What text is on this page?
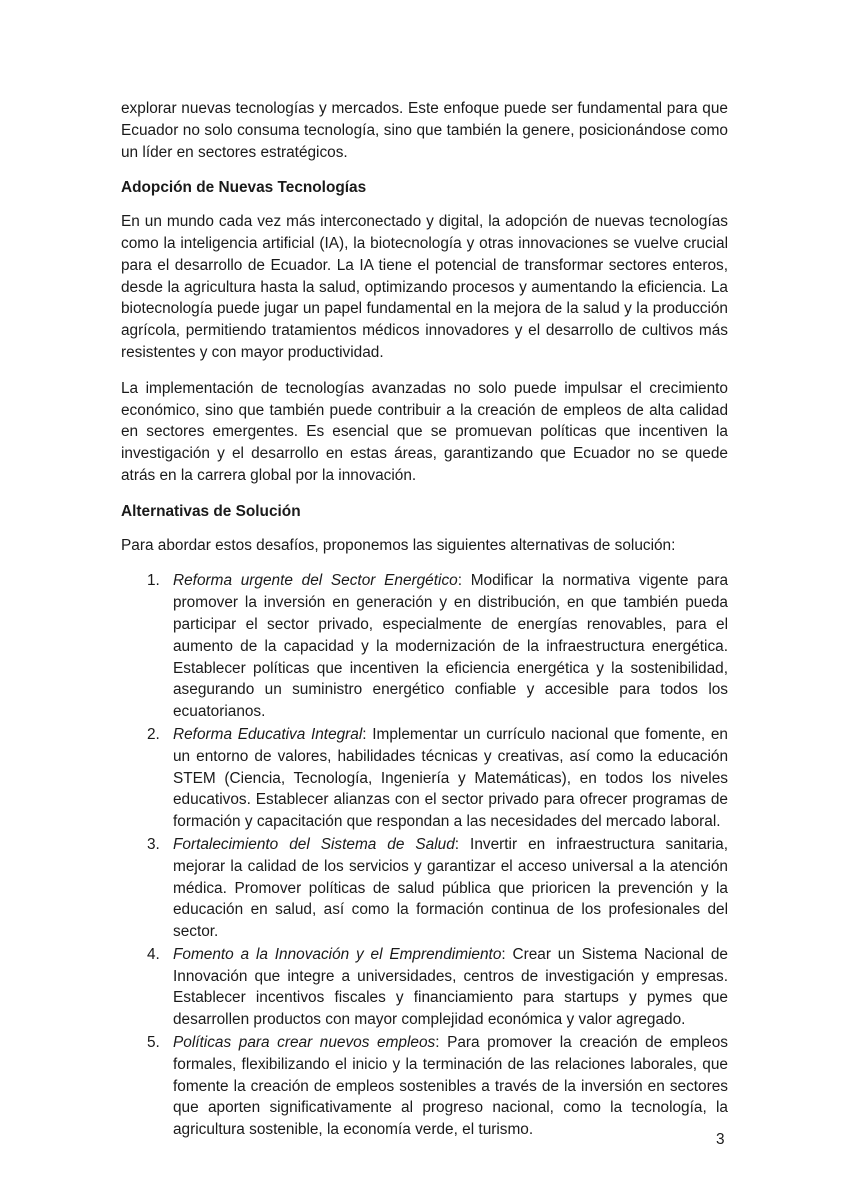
explorar nuevas tecnologías y mercados. Este enfoque puede ser fundamental para que Ecuador no solo consuma tecnología, sino que también la genere, posicionándose como un líder en sectores estratégicos.

Adopción de Nuevas Tecnologías

En un mundo cada vez más interconectado y digital, la adopción de nuevas tecnologías como la inteligencia artificial (IA), la biotecnología y otras innovaciones se vuelve crucial para el desarrollo de Ecuador. La IA tiene el potencial de transformar sectores enteros, desde la agricultura hasta la salud, optimizando procesos y aumentando la eficiencia. La biotecnología puede jugar un papel fundamental en la mejora de la salud y la producción agrícola, permitiendo tratamientos médicos innovadores y el desarrollo de cultivos más resistentes y con mayor productividad.

La implementación de tecnologías avanzadas no solo puede impulsar el crecimiento económico, sino que también puede contribuir a la creación de empleos de alta calidad en sectores emergentes. Es esencial que se promuevan políticas que incentiven la investigación y el desarrollo en estas áreas, garantizando que Ecuador no se quede atrás en la carrera global por la innovación.

Alternativas de Solución

Para abordar estos desafíos, proponemos las siguientes alternativas de solución:

1. Reforma urgente del Sector Energético: Modificar la normativa vigente para promover la inversión en generación y en distribución, en que también pueda participar el sector privado, especialmente de energías renovables, para el aumento de la capacidad y la modernización de la infraestructura energética. Establecer políticas que incentiven la eficiencia energética y la sostenibilidad, asegurando un suministro energético confiable y accesible para todos los ecuatorianos.
2. Reforma Educativa Integral: Implementar un currículo nacional que fomente, en un entorno de valores, habilidades técnicas y creativas, así como la educación STEM (Ciencia, Tecnología, Ingeniería y Matemáticas), en todos los niveles educativos. Establecer alianzas con el sector privado para ofrecer programas de formación y capacitación que respondan a las necesidades del mercado laboral.
3. Fortalecimiento del Sistema de Salud: Invertir en infraestructura sanitaria, mejorar la calidad de los servicios y garantizar el acceso universal a la atención médica. Promover políticas de salud pública que prioricen la prevención y la educación en salud, así como la formación continua de los profesionales del sector.
4. Fomento a la Innovación y el Emprendimiento: Crear un Sistema Nacional de Innovación que integre a universidades, centros de investigación y empresas. Establecer incentivos fiscales y financiamiento para startups y pymes que desarrollen productos con mayor complejidad económica y valor agregado.
5. Políticas para crear nuevos empleos: Para promover la creación de empleos formales, flexibilizando el inicio y la terminación de las relaciones laborales, que fomente la creación de empleos sostenibles a través de la inversión en sectores que aporten significativamente al progreso nacional, como la tecnología, la agricultura sostenible, la economía verde, el turismo.
3
